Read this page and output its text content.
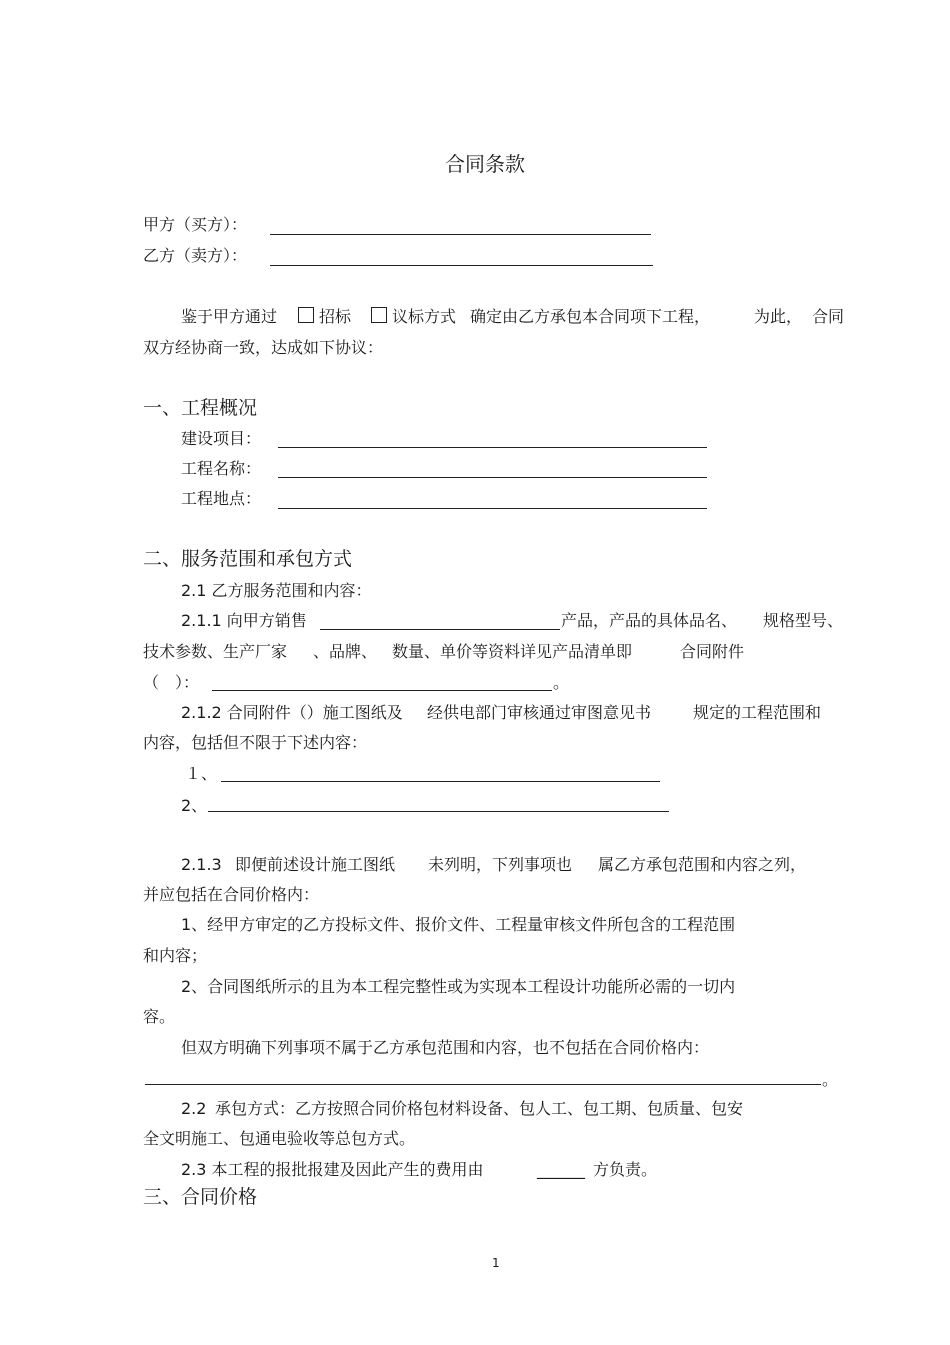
合同条款
甲方（买方）：
乙方（卖方）：
鉴于甲方通过	招标	议标方式 确定由乙方承包本合同项下工程，	为此， 合同
双方经协商一致，达成如下协议：
一、工程概况
建设项目：
工程名称：
工程地点：
二、服务范围和承包方式
2.1 乙方服务范围和内容：
2.1.1 向甲方销售	产品，产品的具体品名、 规格型号、
技术参数、生产厂家 、品牌、 数量、单价等资料详见产品清单即	合同附件
（　）：	。
2.1.2 合同附件（）施工图纸及 经供电部门审核通过审图意见书	规定的工程范围和
内容，包括但不限于下述内容：
１、
2、
2.1.3 即便前述设计施工图纸 未列明，下列事项也 属乙方承包范围和内容之列，
并应包括在合同价格内：
1、经甲方审定的乙方投标文件、报价文件、工程量审核文件所包含的工程范围
和内容；
2、合同图纸所示的且为本工程完整性或为实现本工程设计功能所必需的一切内
容。
但双方明确下列事项不属于乙方承包范围和内容，也不包括在合同价格内：
。
2.2 承包方式：乙方按照合同价格包材料设备、包人工、包工期、包质量、包安
全文明施工、包通电验收等总包方式。
2.3 本工程的报批报建及因此产生的费用由	______ 方负责。
三、合同价格
1
